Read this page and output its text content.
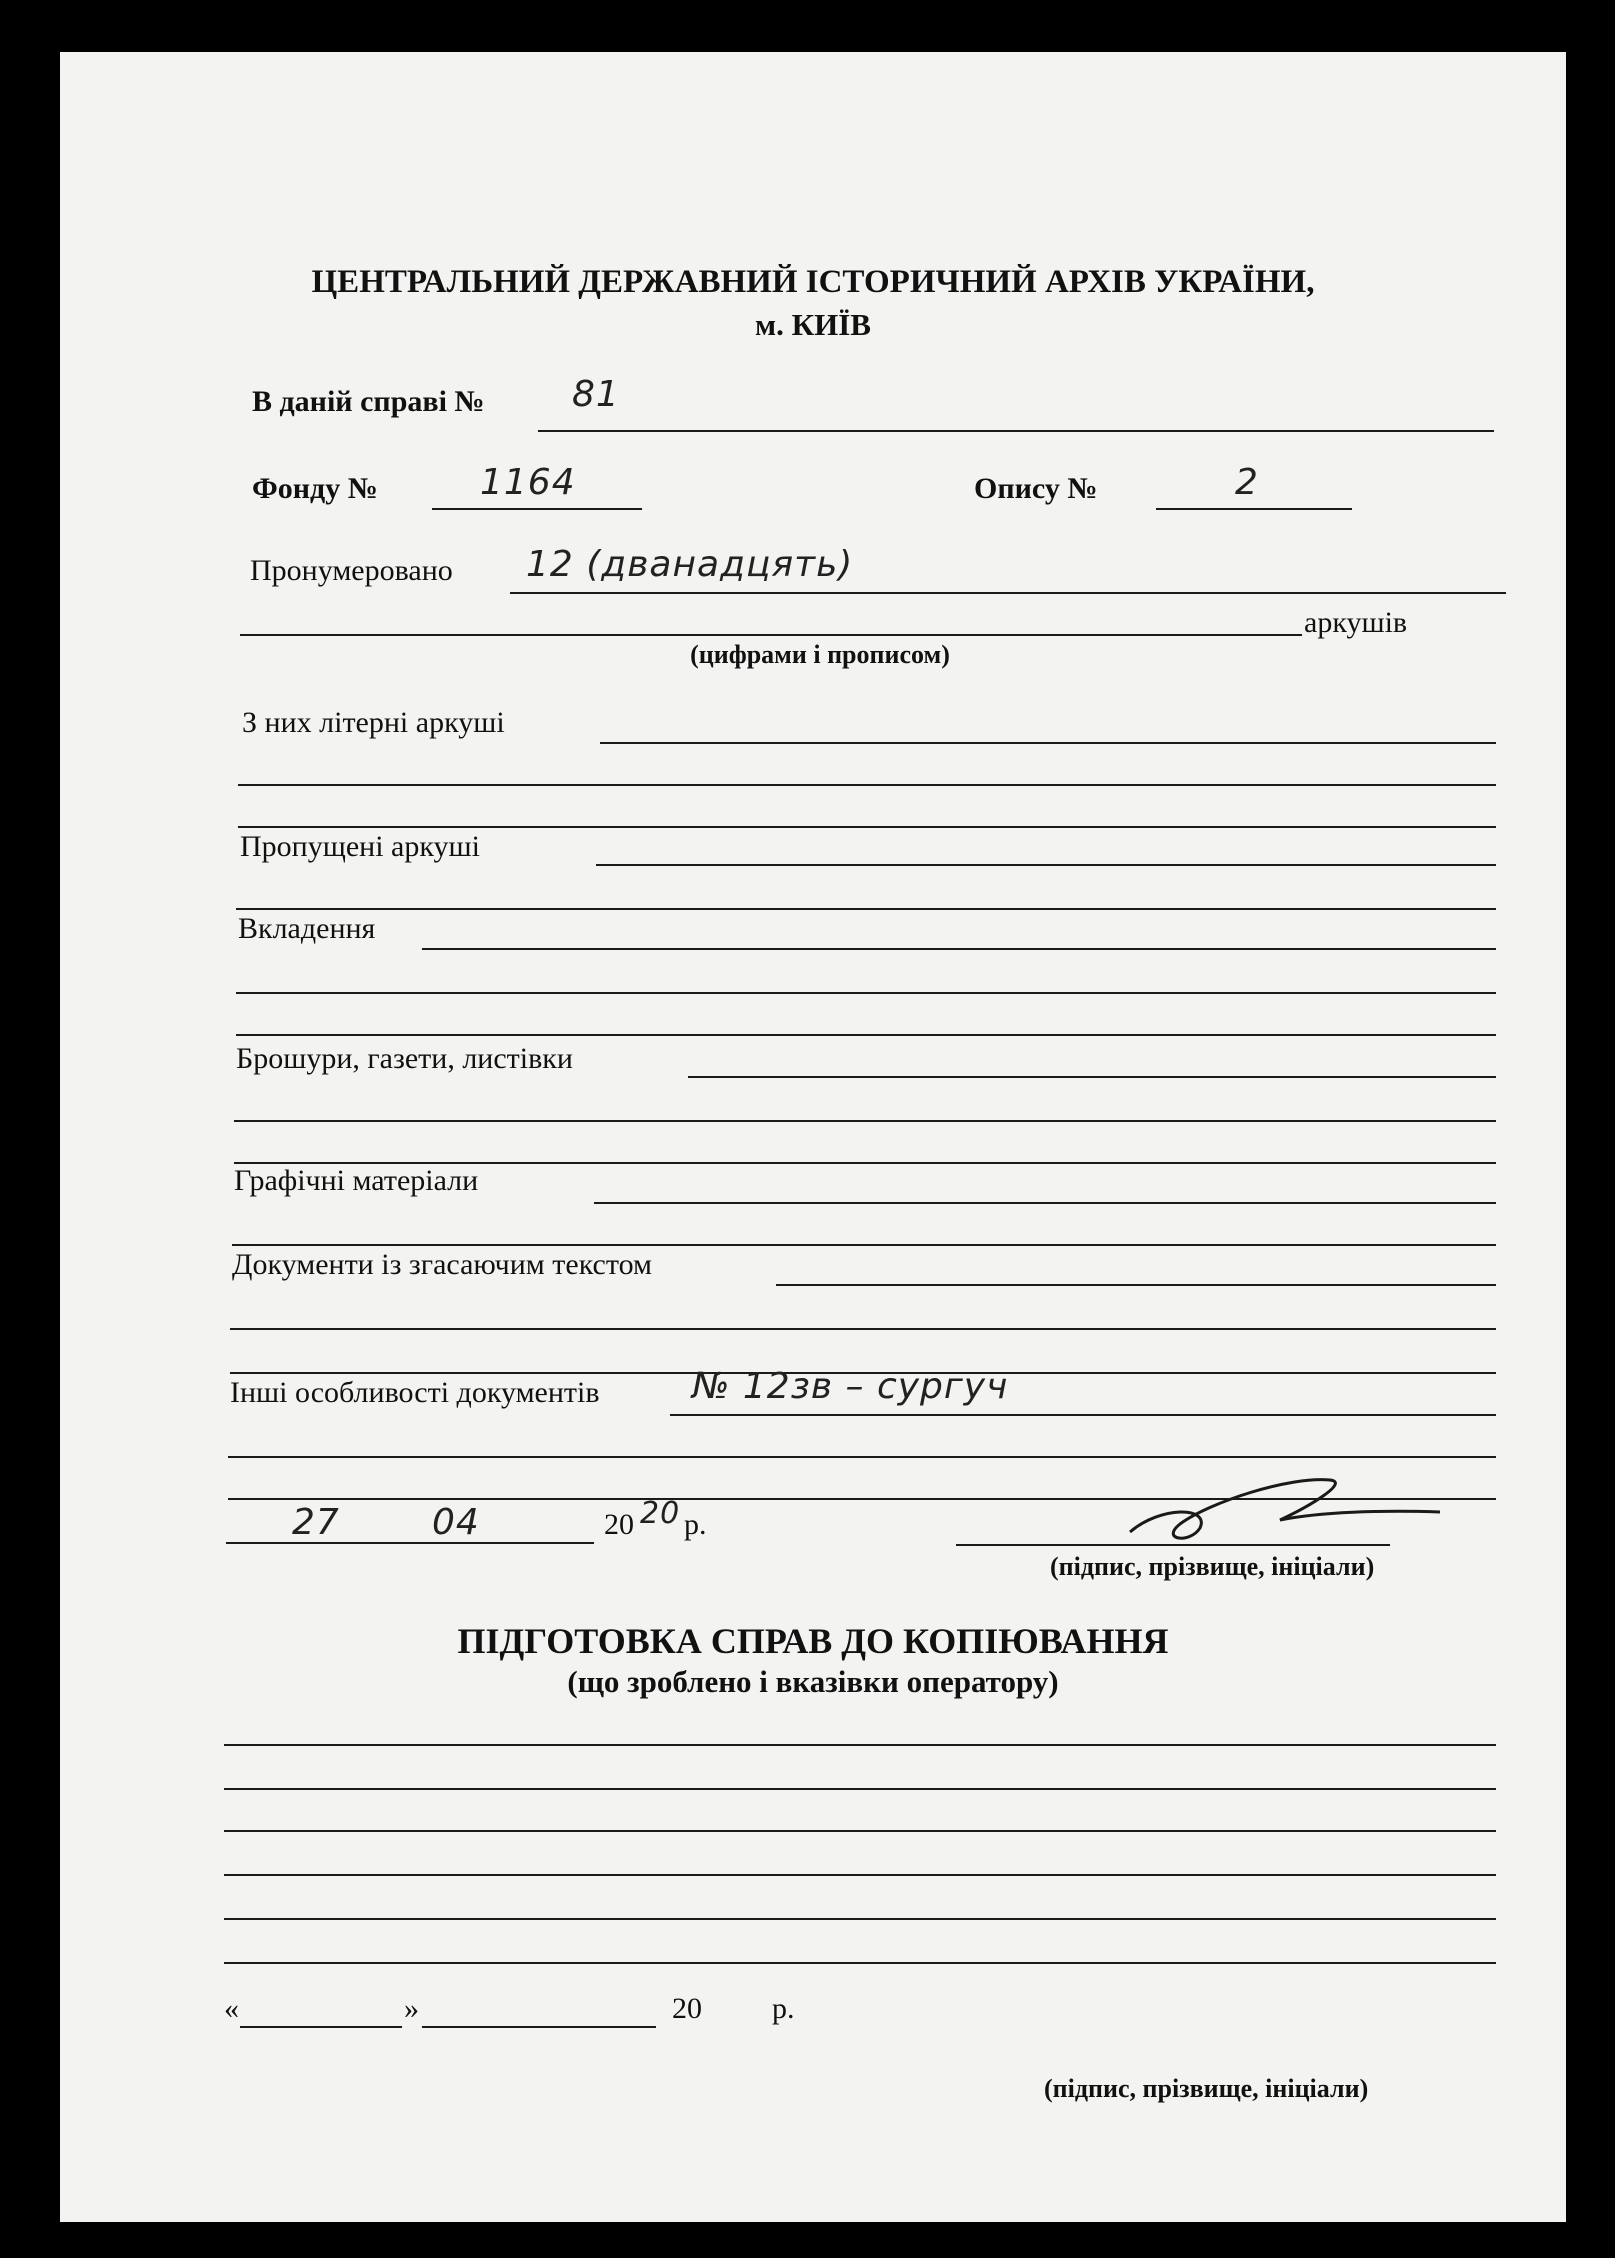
ЦЕНТРАЛЬНИЙ ДЕРЖАВНИЙ ІСТОРИЧНИЙ АРХІВ УКРАЇНИ,
м. КИЇВ
В даній справі № 81
Фонду №	1164	Опису №	2
Пронумеровано 12 (дванадцять)
аркушів
(цифрами і прописом)
З них літерні аркуші
Пропущені аркуші
Вкладення
Брошури, газети, листівки
Графічні матеріали
Документи із згасаючим текстом
Інші особливості документів	№ 12зв – сургуч
27	04	20 20 р.
(підпис, прізвище, ініціали)
ПІДГОТОВКА СПРАВ ДО КОПІЮВАННЯ
(що зроблено і вказівки оператору)
«	»	20 р.
(підпис, прізвище, ініціали)
